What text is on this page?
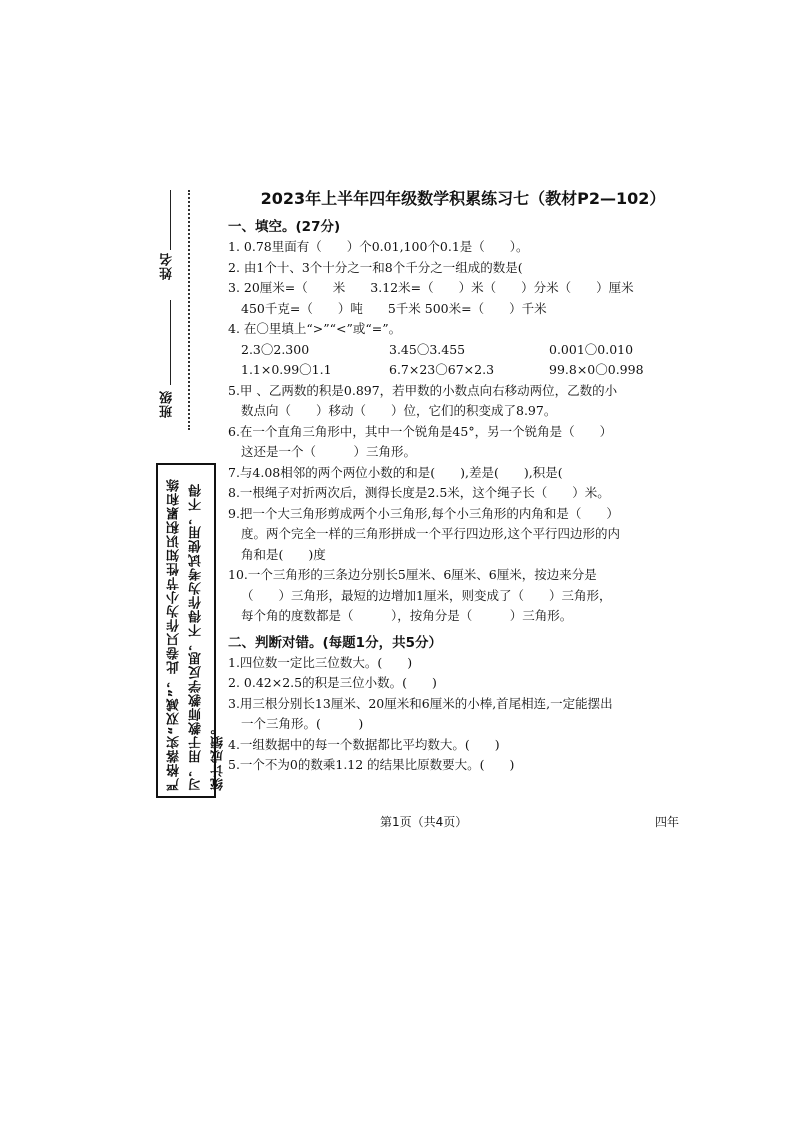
姓名
班级
严格落实“双减”，此卷只作为小节性知识积累和练习，用于教师教学反思，不得作为考试使用，不得统计成绩。
2023年上半年四年级数学积累练习七（教材P2—102）
一、填空。(27分)
1. 0.78里面有（　　）个0.01,100个0.1是（　　）。
2. 由1个十、3个十分之一和8个千分之一组成的数是(
3. 20厘米=（　　米　　3.12米=（　　）米（　　）分米（　　）厘米
450千克=（　　）吨　　5千米 500米=（　　）千米
4. 在〇里填上“>”“<”或“=”。
2.3〇2.300	3.45〇3.455	0.001〇0.010
1.1×0.99〇1.1	6.7×23〇67×2.3	99.8×0〇0.998
5.甲 、乙两数的积是0.897，若甲数的小数点向右移动两位，乙数的小
数点向（　　）移动（　　）位，它们的积变成了8.97。
6.在一个直角三角形中，其中一个锐角是45°，另一个锐角是（　　）
这还是一个（　　　）三角形。
7.与4.08相邻的两个两位小数的和是(　　),差是(　　),积是(
8.一根绳子对折两次后，测得长度是2.5米，这个绳子长（　　）米。
9.把一个大三角形剪成两个小三角形,每个小三角形的内角和是（　　）
度。两个完全一样的三角形拼成一个平行四边形,这个平行四边形的内
角和是(　　)度
10.一个三角形的三条边分别长5厘米、6厘米、6厘米，按边来分是
（　　）三角形，最短的边增加1厘米，则变成了（　　）三角形，
每个角的度数都是（　　　），按角分是（　　　）三角形。
二、判断对错。(每题1分，共5分）
1.四位数一定比三位数大。(　　)
2. 0.42×2.5的积是三位小数。(　　)
3.用三根分别长13厘米、20厘米和6厘米的小棒,首尾相连,一定能摆出
一个三角形。(　　　)
4.一组数据中的每一个数据都比平均数大。(　　)
5.一个不为0的数乘1.12 的结果比原数要大。(　　)
第1页（共4页）	四年
